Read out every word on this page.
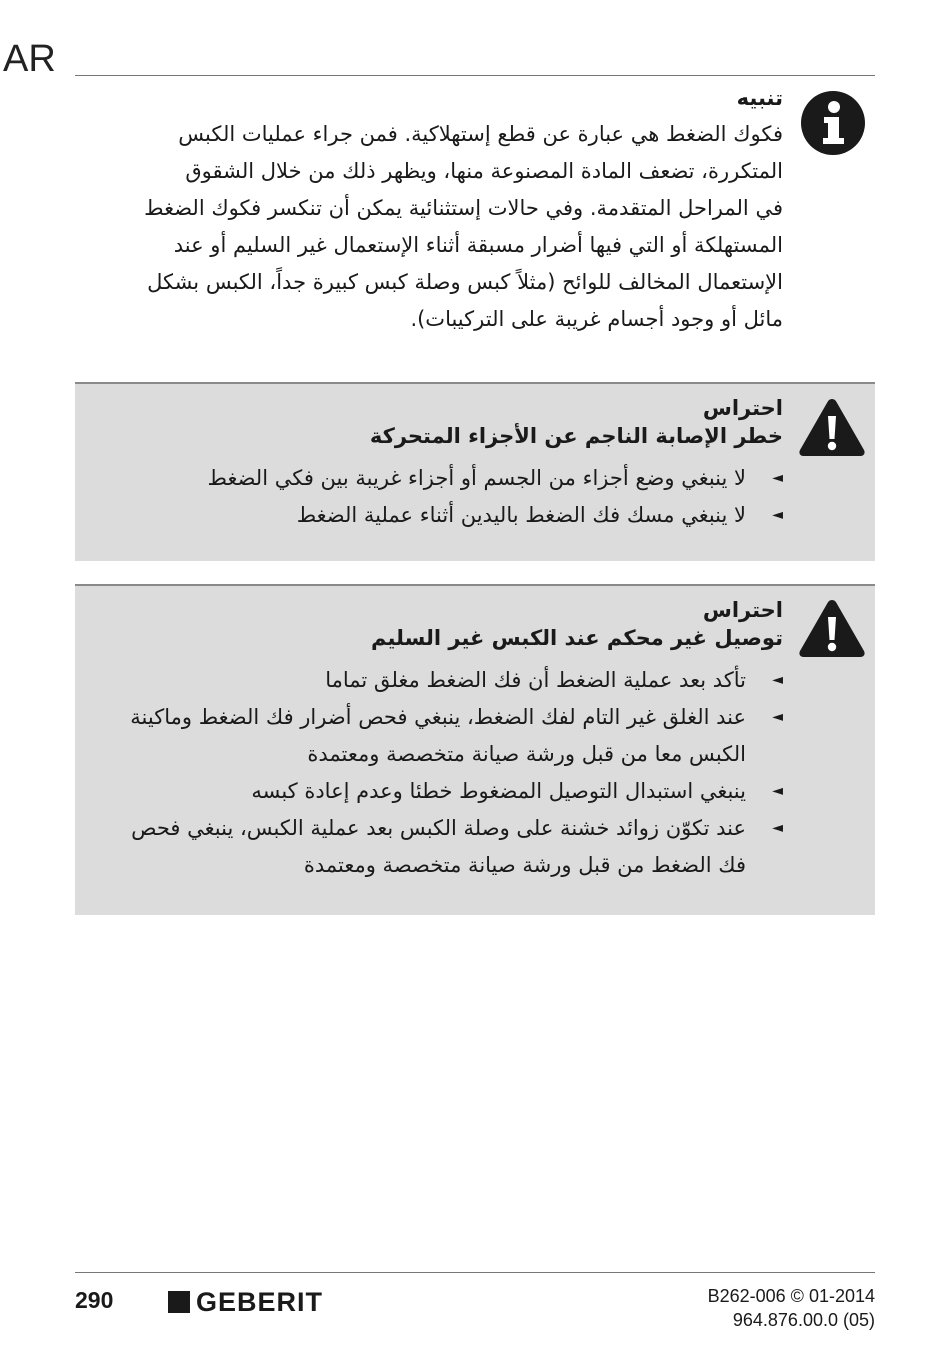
AR

تنبيه

فكوك الضغط هي عبارة عن قطع إستهلاكية. فمن جراء عمليات الكبس
المتكررة، تضعف المادة المصنوعة منها، ويظهر ذلك من خلال الشقوق
في المراحل المتقدمة. وفي حالات إستثنائية يمكن أن تنكسر فكوك الضغط
المستهلكة أو التي فيها أضرار مسبقة أثناء الإستعمال غير السليم أو عند
الإستعمال المخالف للوائح (مثلاً كبس وصلة كبس كبيرة جداً، الكبس بشكل
مائل أو وجود أجسام غريبة على التركيبات).

احتراس

خطر الإصابة الناجم عن الأجزاء المتحركة

◄
لا ينبغي وضع أجزاء من الجسم أو أجزاء غريبة بين فكي الضغط
◄
لا ينبغي مسك فك الضغط باليدين أثناء عملية الضغط

احتراس

توصيل غير محكم عند الكبس غير السليم

◄
تأكد بعد عملية الضغط أن فك الضغط مغلق تماما
◄
عند الغلق غير التام لفك الضغط، ينبغي فحص أضرار فك الضغط وماكينة
الكبس معا من قبل ورشة صيانة متخصصة ومعتمدة
◄
ينبغي استبدال التوصيل المضغوط خطئا وعدم إعادة كبسه
◄
عند تكوّن زوائد خشنة على وصلة الكبس بعد عملية الكبس، ينبغي فحص
فك الضغط من قبل ورشة صيانة متخصصة ومعتمدة
290	GEBERIT	B262-006 © 01-2014
964.876.00.0 (05)
